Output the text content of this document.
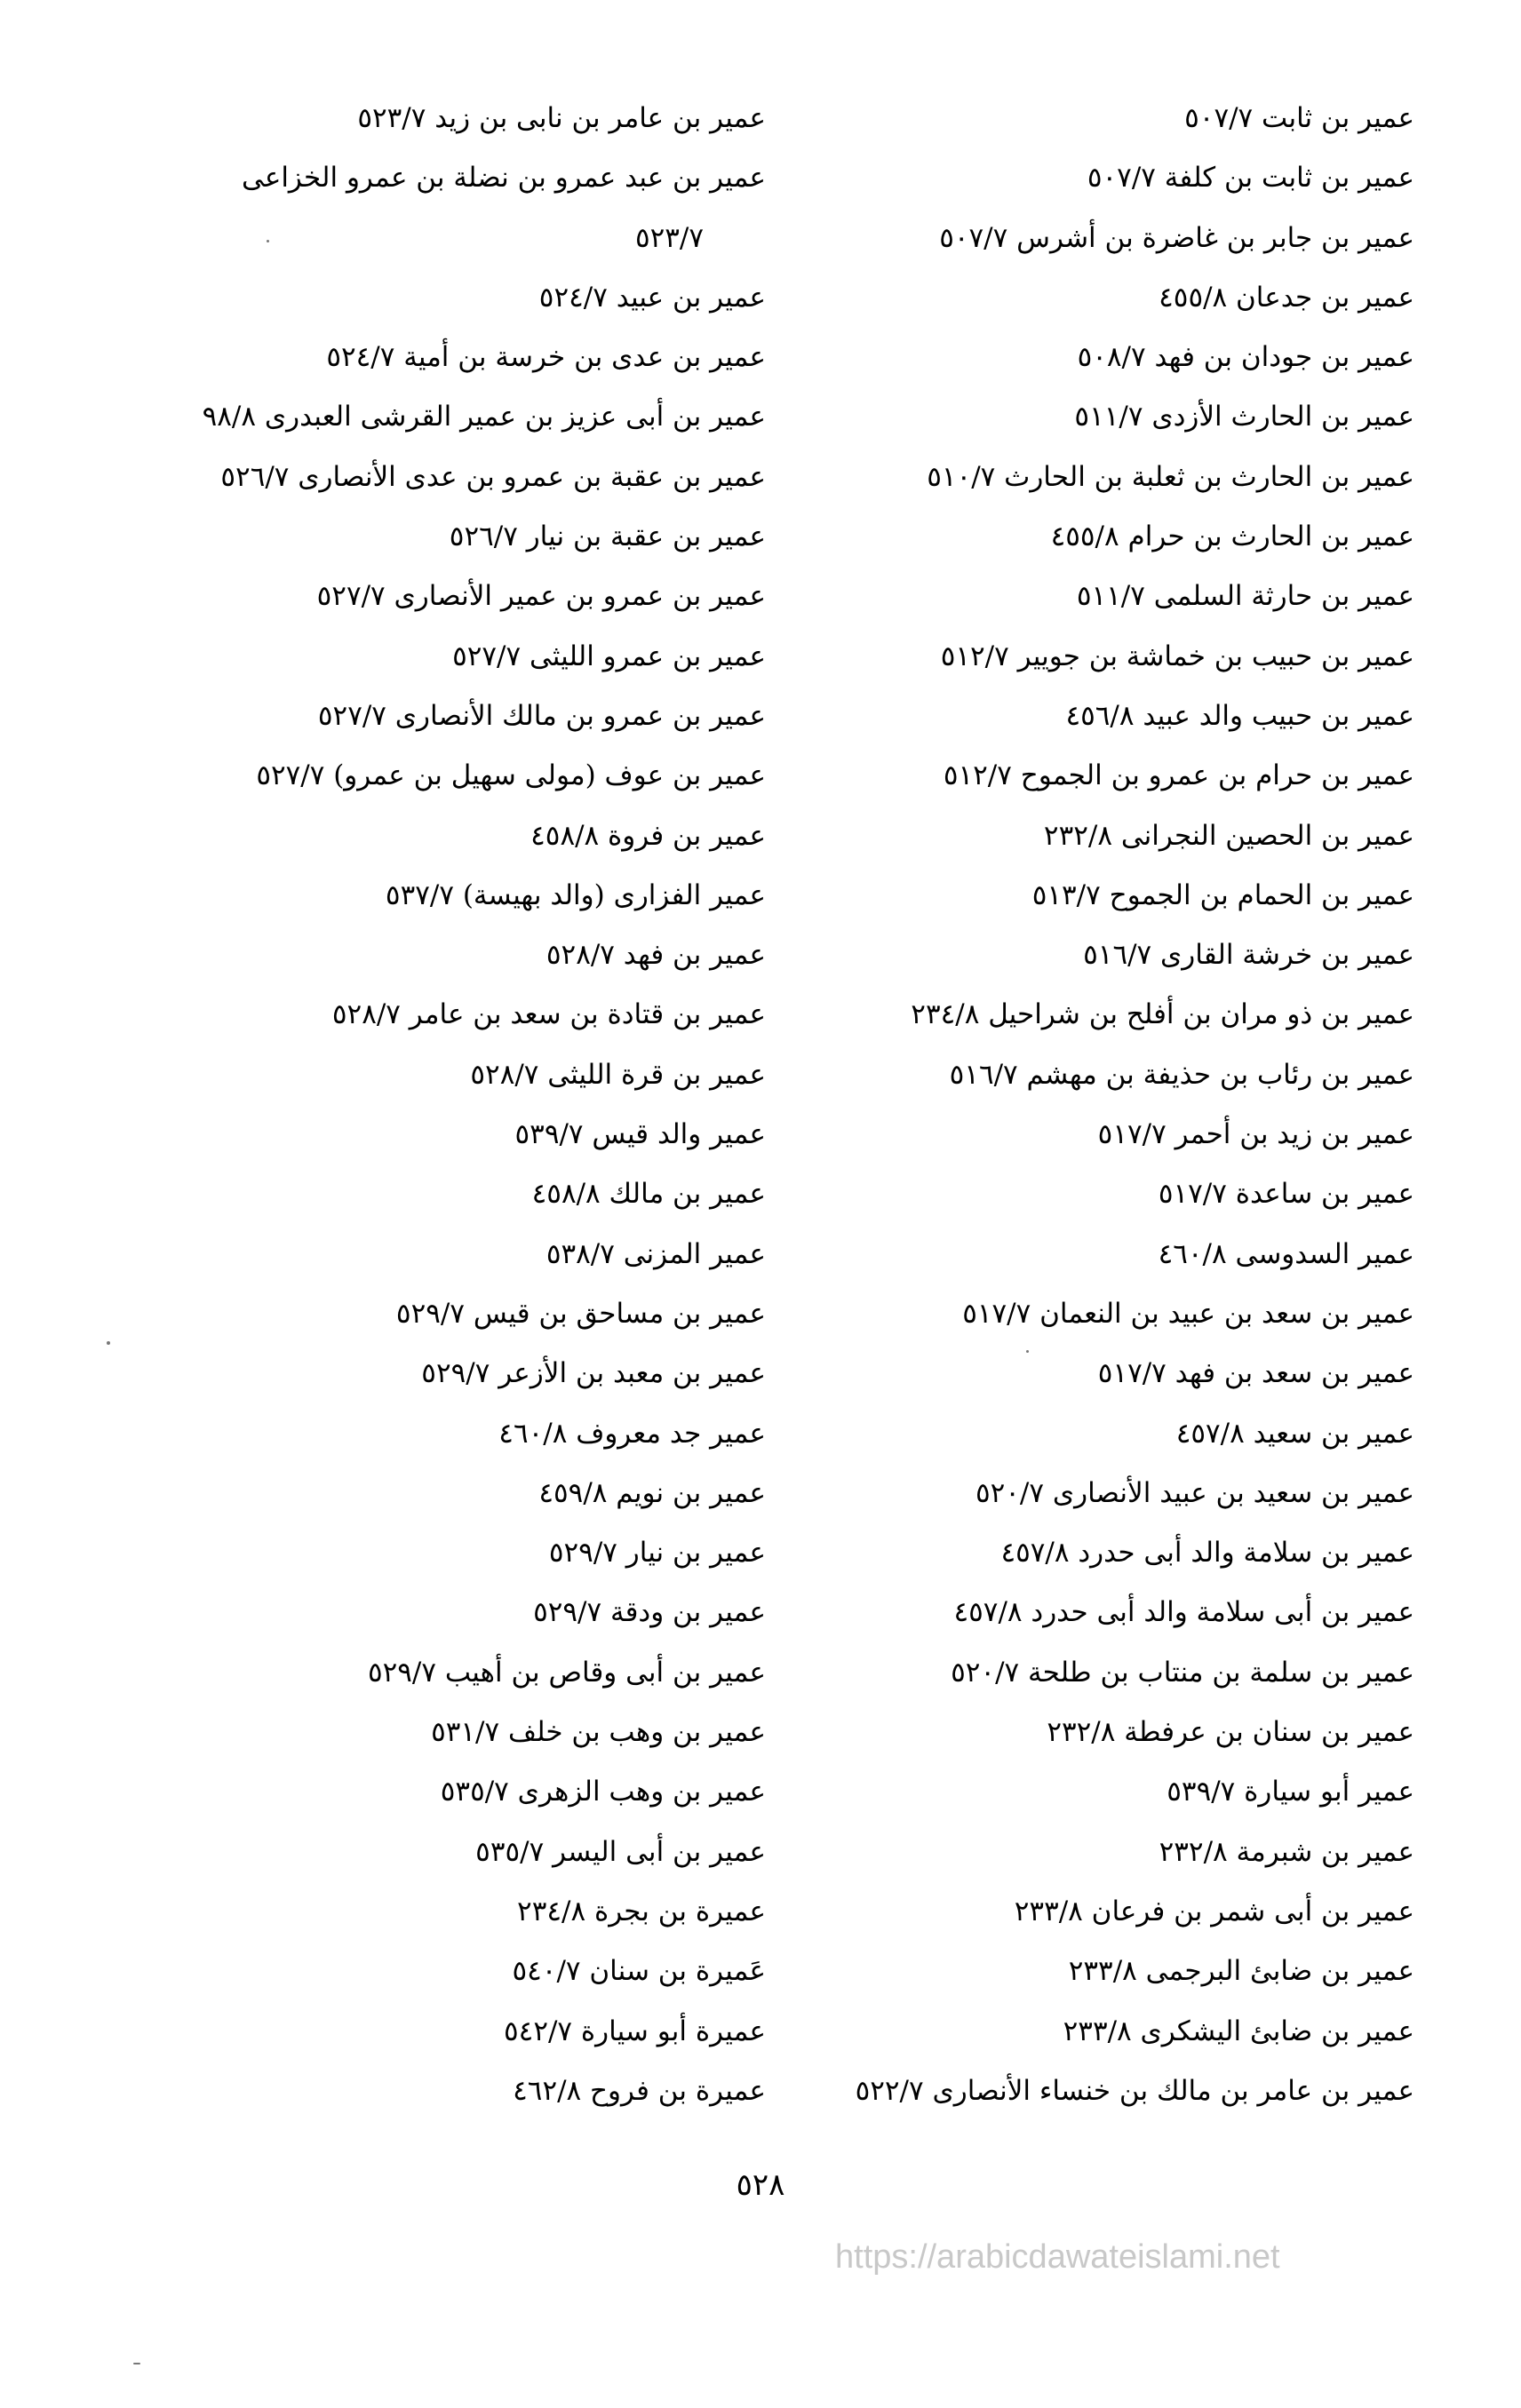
عمير بن ثابت ٥٠٧/٧
عمير بن ثابت بن كلفة ٥٠٧/٧
عمير بن جابر بن غاضرة بن أشرس ٥٠٧/٧
عمير بن جدعان ٤٥٥/٨
عمير بن جودان بن فهد ٥٠٨/٧
عمير بن الحارث الأزدى ٥١١/٧
عمير بن الحارث بن ثعلبة بن الحارث ٥١٠/٧
عمير بن الحارث بن حرام ٤٥٥/٨
عمير بن حارثة السلمى ٥١١/٧
عمير بن حبيب بن خماشة بن جويير ٥١٢/٧
عمير بن حبيب والد عبيد ٤٥٦/٨
عمير بن حرام بن عمرو بن الجموح ٥١٢/٧
عمير بن الحصين النجرانى ٢٣٢/٨
عمير بن الحمام بن الجموح ٥١٣/٧
عمير بن خرشة القارى ٥١٦/٧
عمير بن ذو مران بن أفلح بن شراحيل ٢٣٤/٨
عمير بن رئاب بن حذيفة بن مهشم ٥١٦/٧
عمير بن زيد بن أحمر ٥١٧/٧
عمير بن ساعدة ٥١٧/٧
عمير السدوسى ٤٦٠/٨
عمير بن سعد بن عبيد بن النعمان ٥١٧/٧
عمير بن سعد بن فهد ٥١٧/٧
عمير بن سعيد ٤٥٧/٨
عمير بن سعيد بن عبيد الأنصارى ٥٢٠/٧
عمير بن سلامة والد أبى حدرد ٤٥٧/٨
عمير بن أبى سلامة والد أبى حدرد ٤٥٧/٨
عمير بن سلمة بن منتاب بن طلحة ٥٢٠/٧
عمير بن سنان بن عرفطة ٢٣٢/٨
عمير أبو سيارة ٥٣٩/٧
عمير بن شبرمة ٢٣٢/٨
عمير بن أبى شمر بن فرعان ٢٣٣/٨
عمير بن ضابئ البرجمى ٢٣٣/٨
عمير بن ضابئ اليشكرى ٢٣٣/٨
عمير بن عامر بن مالك بن خنساء الأنصارى ٥٢٢/٧
عمير بن عامر بن نابى بن زيد ٥٢٣/٧
عمير بن عبد عمرو بن نضلة بن عمرو الخزاعى
٥٢٣/٧
عمير بن عبيد ٥٢٤/٧
عمير بن عدى بن خرسة بن أمية ٥٢٤/٧
عمير بن أبى عزيز بن عمير القرشى العبدرى ٩٨/٨
عمير بن عقبة بن عمرو بن عدى الأنصارى ٥٢٦/٧
عمير بن عقبة بن نيار ٥٢٦/٧
عمير بن عمرو بن عمير الأنصارى ٥٢٧/٧
عمير بن عمرو الليثى ٥٢٧/٧
عمير بن عمرو بن مالك الأنصارى ٥٢٧/٧
عمير بن عوف (مولى سهيل بن عمرو) ٥٢٧/٧
عمير بن فروة ٤٥٨/٨
عمير الفزارى (والد بهيسة) ٥٣٧/٧
عمير بن فهد ٥٢٨/٧
عمير بن قتادة بن سعد بن عامر ٥٢٨/٧
عمير بن قرة الليثى ٥٢٨/٧
عمير والد قيس ٥٣٩/٧
عمير بن مالك ٤٥٨/٨
عمير المزنى ٥٣٨/٧
عمير بن مساحق بن قيس ٥٢٩/٧
عمير بن معبد بن الأزعر ٥٢٩/٧
عمير جد معروف ٤٦٠/٨
عمير بن نويم ٤٥٩/٨
عمير بن نيار ٥٢٩/٧
عمير بن ودقة ٥٢٩/٧
عمير بن أبى وقاص بن أهيب ٥٢٩/٧
عمير بن وهب بن خلف ٥٣١/٧
عمير بن وهب الزهرى ٥٣٥/٧
عمير بن أبى اليسر ٥٣٥/٧
عميرة بن بجرة ٢٣٤/٨
عَميرة بن سنان ٥٤٠/٧
عميرة أبو سيارة ٥٤٢/٧
عميرة بن فروح ٤٦٢/٨
٥٢٨
https://arabicdawateislami.net
